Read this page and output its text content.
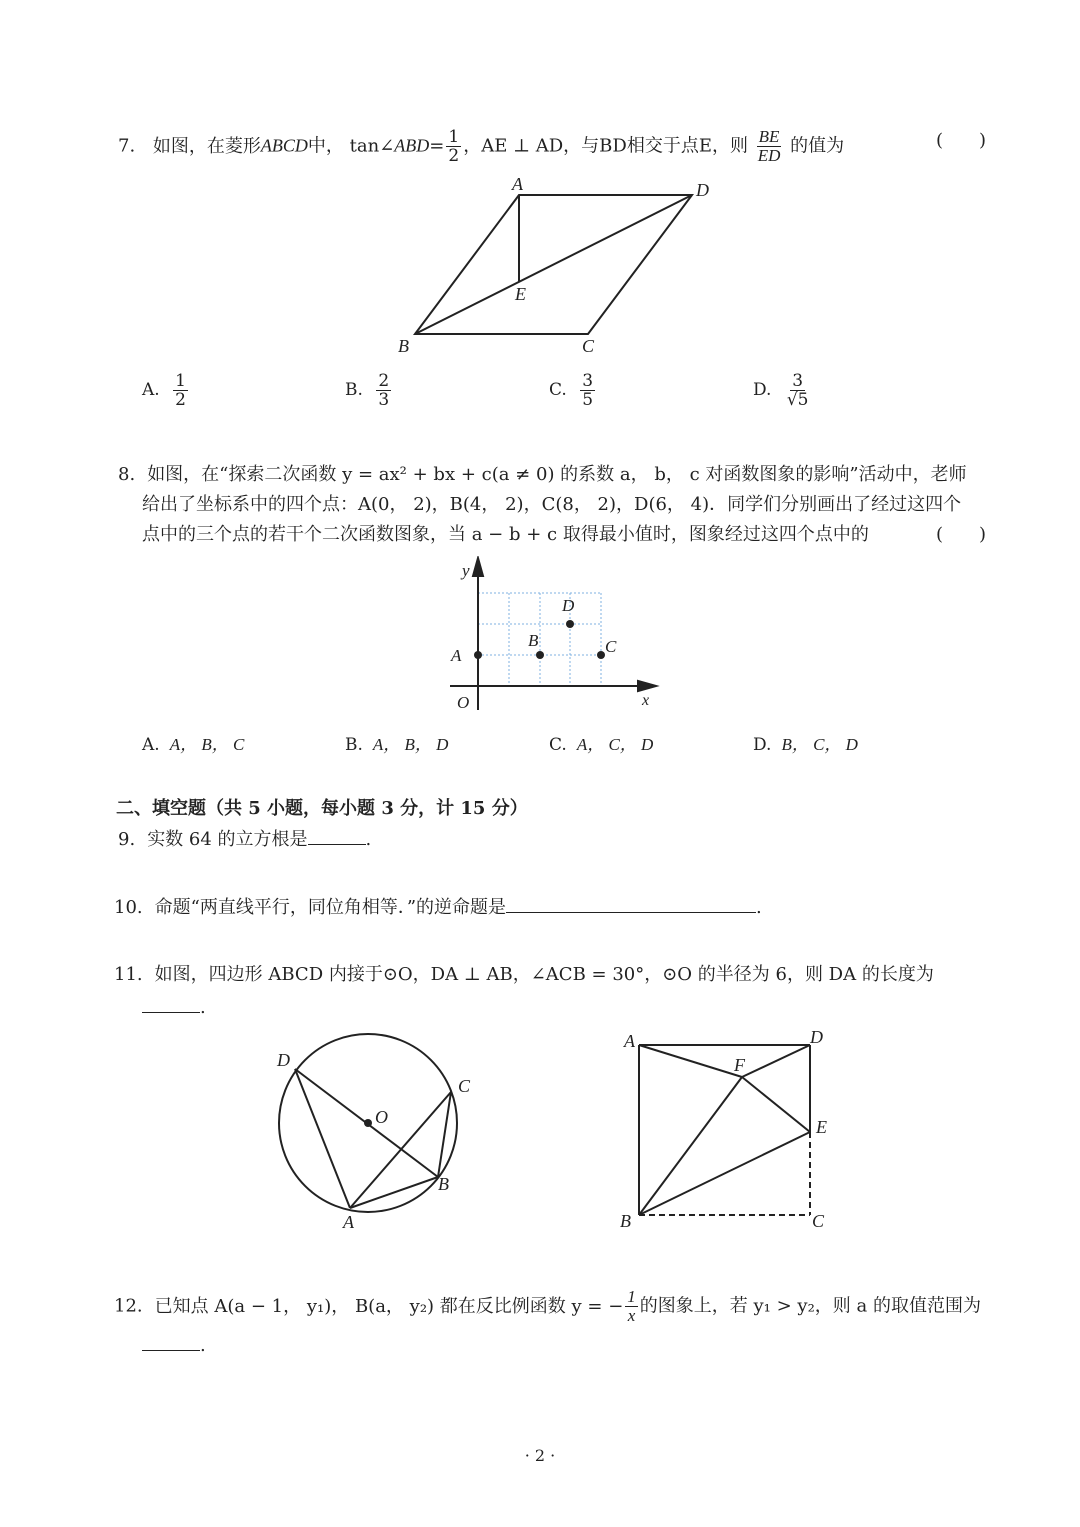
7. 如图，在菱形ABCD中， tan∠ABD= $\frac{1}{2}$ ，AE ⊥ AD，与BD相交于点E，则 $\frac{BE}{ED}$ 的值为	(　　)
A	D
E
B	C
A. $\frac{1}{2}$	B. $\frac{2}{3}$	C. $\frac{3}{5}$	D. $\frac{3}{√5}$
8. 如图，在“探索二次函数 y = ax² + bx + c(a ≠ 0) 的系数 a， b， c 对函数图象的影响”活动中，老师
给出了坐标系中的四个点：A(0， 2)，B(4， 2)，C(8， 2)，D(6， 4)．同学们分别画出了经过这四个
点中的三个点的若干个二次函数图象，当 a − b + c 取得最小值时，图象经过这四个点中的	(　　)
y
x
O
A
B	C
D
A. A， B， C	B. A， B， D	C. A， C， D	D. B， C， D
二、填空题（共 5 小题，每小题 3 分，计 15 分）
9. 实数 64 的立方根是	.
10. 命题“两直线平行，同位角相等．”的逆命题是	.
11. 如图，四边形 ABCD 内接于⊙O，DA ⊥ AB，∠ACB = 30°，⊙O 的半径为 6，则 DA 的长度为
.
D
O
C
B
A
A	D
F
E
B	C
12. 已知点 A(a − 1， y₁)， B(a， y₂) 都在反比例函数 y = − $\frac{1}{x}$ 的图象上，若 y₁ > y₂，则 a 的取值范围为
.
· 2 ·
